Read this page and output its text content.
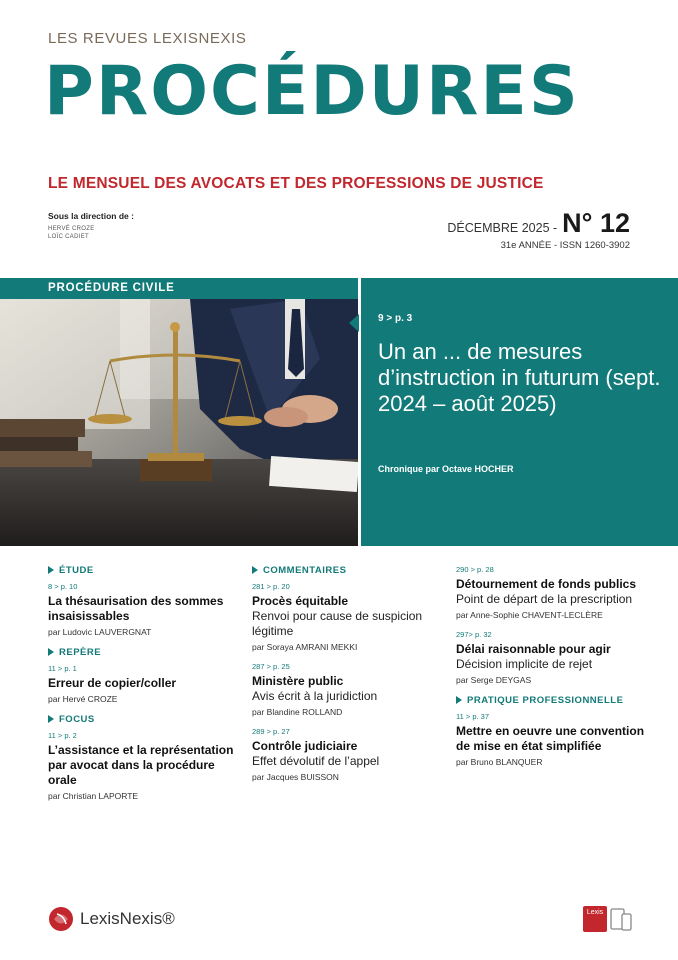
LES REVUES LEXISNEXIS
PROCÉDURES
LE MENSUEL DES AVOCATS ET DES PROFESSIONS DE JUSTICE
Sous la direction de :
HERVÉ CROZE
LOÏC CADIET
DÉCEMBRE 2025 - N° 12
31e ANNÉE - ISSN 1260-3902
PROCÉDURE CIVILE
9 > p. 3
Un an ... de mesures d’instruction in futurum (sept. 2024 – août 2025)
Chronique par Octave HOCHER
ÉTUDE
8 > p. 10
La thésaurisation des sommes insaisissables
par Ludovic LAUVERGNAT
REPÈRE
11 > p. 1
Erreur de copier/coller
par Hervé CROZE
FOCUS
11 > p. 2
L’assistance et la représentation par avocat dans la procédure orale
par Christian LAPORTE
COMMENTAIRES
281 > p. 20
Procès équitable
Renvoi pour cause de suspicion légitime
par Soraya AMRANI MEKKI
287 > p. 25
Ministère public
Avis écrit à la juridiction
par Blandine ROLLAND
289 > p. 27
Contrôle judiciaire
Effet dévolutif de l’appel
par Jacques BUISSON
290 > p. 28
Détournement de fonds publics
Point de départ de la prescription
par Anne-Sophie CHAVENT-LECLÈRE
297> p. 32
Délai raisonnable pour agir
Décision implicite de rejet
par Serge DEYGAS
PRATIQUE PROFESSIONNELLE
11 > p. 37
Mettre en oeuvre une convention de mise en état simplifiée
par Bruno BLANQUER
LexisNexis®	Lexis
